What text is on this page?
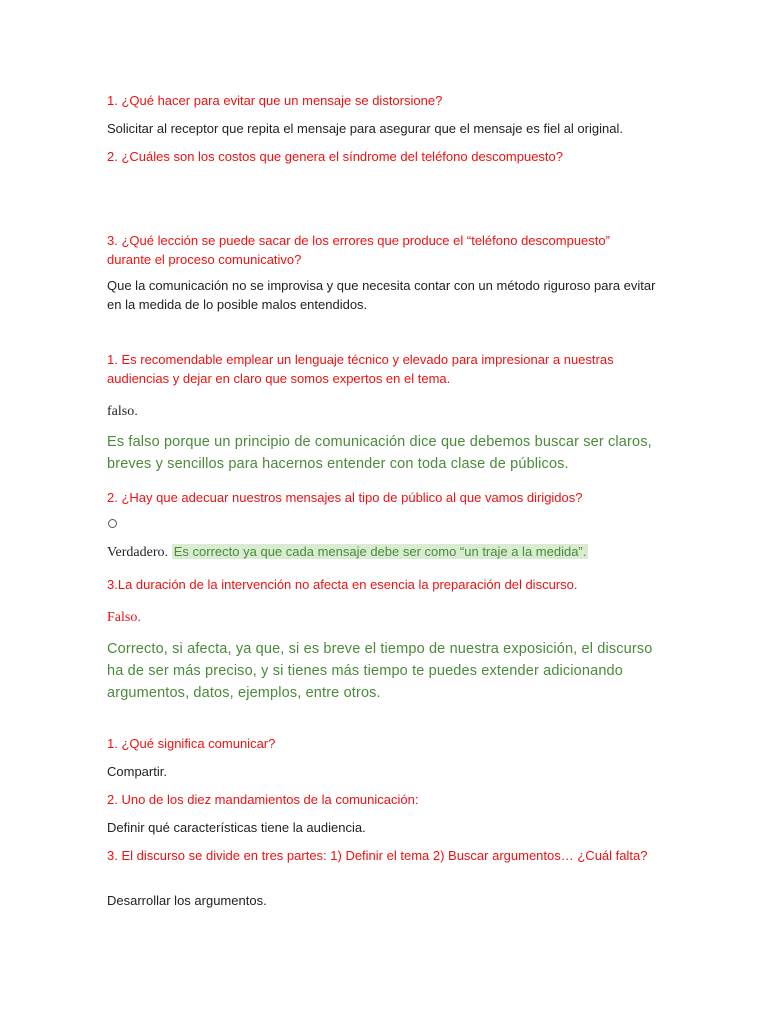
1. ¿Qué hacer para evitar que un mensaje se distorsione?
Solicitar al receptor que repita el mensaje para asegurar que el mensaje es fiel al original.
2. ¿Cuáles son los costos que genera el síndrome del teléfono descompuesto?
3. ¿Qué lección se puede sacar de los errores que produce el “teléfono descompuesto” durante el proceso comunicativo?
Que la comunicación no se improvisa y que necesita contar con un método riguroso para evitar en la medida de lo posible malos entendidos.
1. Es recomendable emplear un lenguaje técnico y elevado para impresionar a nuestras audiencias y dejar en claro que somos expertos en el tema.
falso.
Es falso porque un principio de comunicación dice que debemos buscar ser claros, breves y sencillos para hacernos entender con toda clase de públicos.
2. ¿Hay que adecuar nuestros mensajes al tipo de público al que vamos dirigidos?
Verdadero. Es correcto ya que cada mensaje debe ser como “un traje a la medida”.
3.La duración de la intervención no afecta en esencia la preparación del discurso.
Falso.
Correcto, si afecta, ya que, si es breve el tiempo de nuestra exposición, el discurso ha de ser más preciso, y si tienes más tiempo te puedes extender adicionando argumentos, datos, ejemplos, entre otros.
1. ¿Qué significa comunicar?
Compartir.
2. Uno de los diez mandamientos de la comunicación:
Definir qué características tiene la audiencia.
3. El discurso se divide en tres partes: 1) Definir el tema 2) Buscar argumentos… ¿Cuál falta?
Desarrollar los argumentos.
